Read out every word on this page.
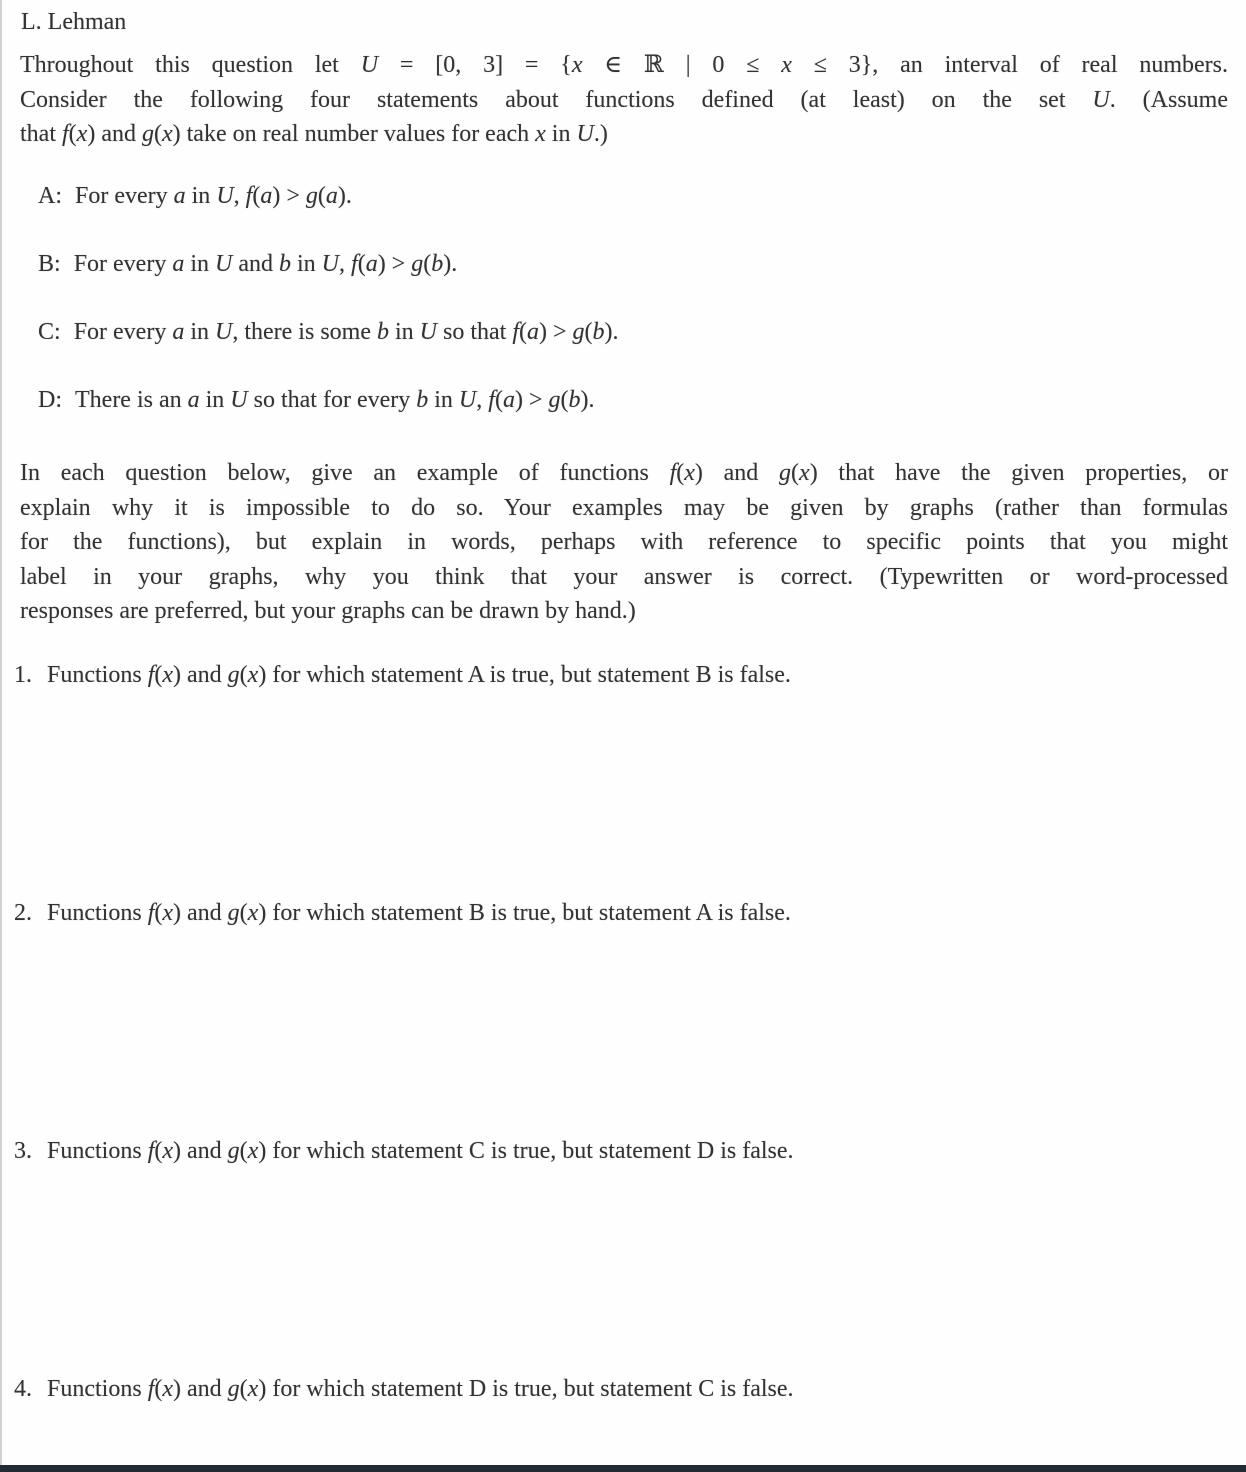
L. Lehman
Throughout this question let U = [0, 3] = {x ∈ ℝ | 0 ≤ x ≤ 3}, an interval of real numbers.
Consider the following four statements about functions defined (at least) on the set U. (Assume
that f(x) and g(x) take on real number values for each x in U.)
A: For every a in U, f(a) > g(a).
B: For every a in U and b in U, f(a) > g(b).
C: For every a in U, there is some b in U so that f(a) > g(b).
D: There is an a in U so that for every b in U, f(a) > g(b).
In each question below, give an example of functions f(x) and g(x) that have the given properties, or
explain why it is impossible to do so. Your examples may be given by graphs (rather than formulas
for the functions), but explain in words, perhaps with reference to specific points that you might
label in your graphs, why you think that your answer is correct. (Typewritten or word-processed
responses are preferred, but your graphs can be drawn by hand.)
1. Functions f(x) and g(x) for which statement A is true, but statement B is false.
2. Functions f(x) and g(x) for which statement B is true, but statement A is false.
3. Functions f(x) and g(x) for which statement C is true, but statement D is false.
4. Functions f(x) and g(x) for which statement D is true, but statement C is false.
